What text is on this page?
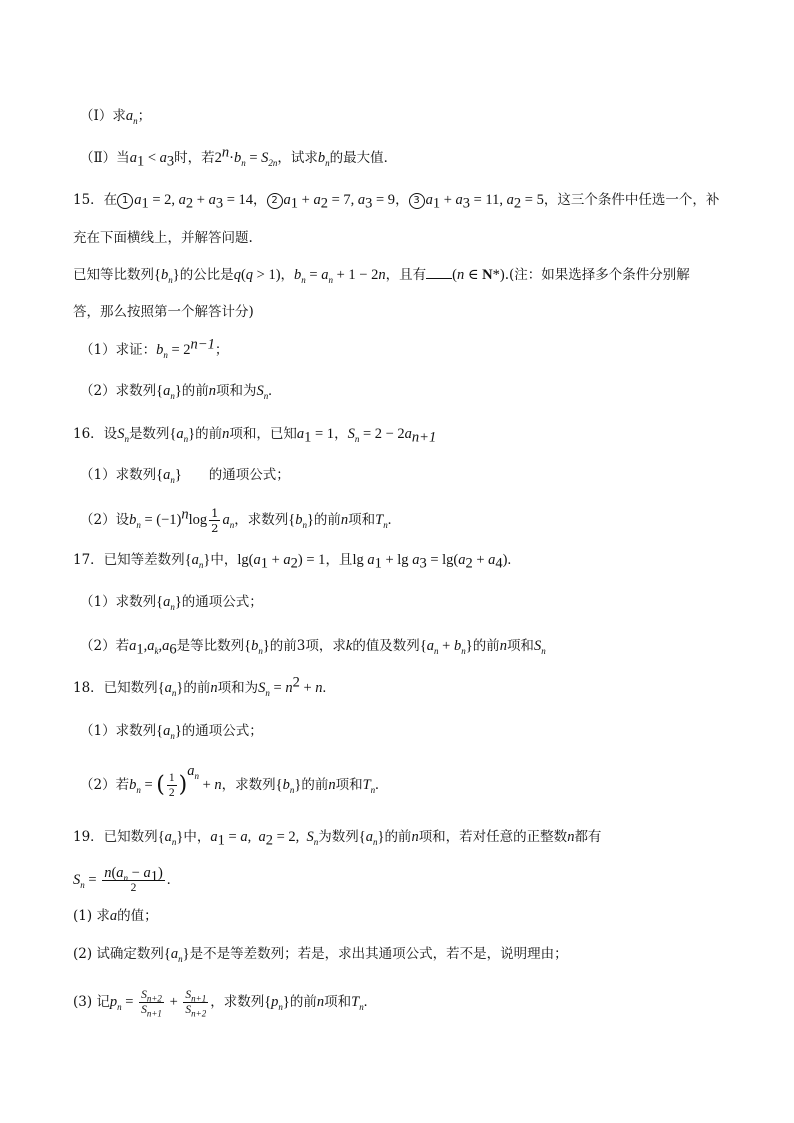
（Ⅰ）求$a_n$；
（Ⅱ）当$a_1 < a_3$时，若$2^n\cdot b_n = S_{2n}$，试求$b_n$的最大值．
15．在 1 $a_1 = 2$, $a_2 + a_3 = 14$， 2 $a_1 + a_2 = 7$, $a_3 = 9$， 3 $a_1 + a_3 = 11$, $a_2 = 5$，这三个条件中任选一个，补
充在下面横线上，并解答问题.
已知等比数列$\{b_n\}$的公比是q(q > 1)，$b_n = a_n + 1 - 2n$，且有 (n ∈ N*).(注：如果选择多个条件分别解
答，那么按照第一个解答计分)
（1）求证：$b_n = 2^{n-1}$；
（2）求数列$\{a_n\}$的前n项和为$S_n$.
16．设$S_n$是数列$\{a_n\}$的前n项和，已知$a_1 = 1$，$S_n = 2 - 2a_{n+1}$
（1）求数列$\{a_n\}$　　的通项公式；
（2）设$b_n = (-1)^n\log \frac{1}{2} a_n$，求数列$\{b_n\}$的前n项和$T_n$.
17．已知等差数列$\{a_n\}$中，$\lg(a_1 + a_2) = 1$，且$\lg a_1 + \lg a_3 = \lg(a_2 + a_4)$.
（1）求数列$\{a_n\}$的通项公式；
（2）若$a_1,a_k,a_6$是等比数列$\{b_n\}$的前3项，求k的值及数列$\{a_n + b_n\}$的前n项和$S_n$
18．已知数列$\{a_n\}$的前n项和为$S_n = n^2 + n$.
（1）求数列$\{a_n\}$的通项公式；
（2）若$b_n$ = ( $\frac{1}{2} )^{a_n} + n$，求数列$\{b_n\}$的前n项和$T_n$.
19．已知数列$\{a_n\}$中，$a_1 = a$,  $a_2 = 2$,  $S_n$为数列$\{a_n\}$的前n项和，若对任意的正整数n都有
$S_n = \frac{n(a_n - a_1)}{2}$ .
(1) 求a的值；
(2) 试确定数列$\{a_n\}$是不是等差数列；若是，求出其通项公式，若不是，说明理由；
(3) 记$p_n = \frac{S_{n+2}}{S_{n+1}} + \frac{S_{n+1}}{S_{n+2}}$ ，求数列$\{p_n\}$的前n项和$T_n$.
